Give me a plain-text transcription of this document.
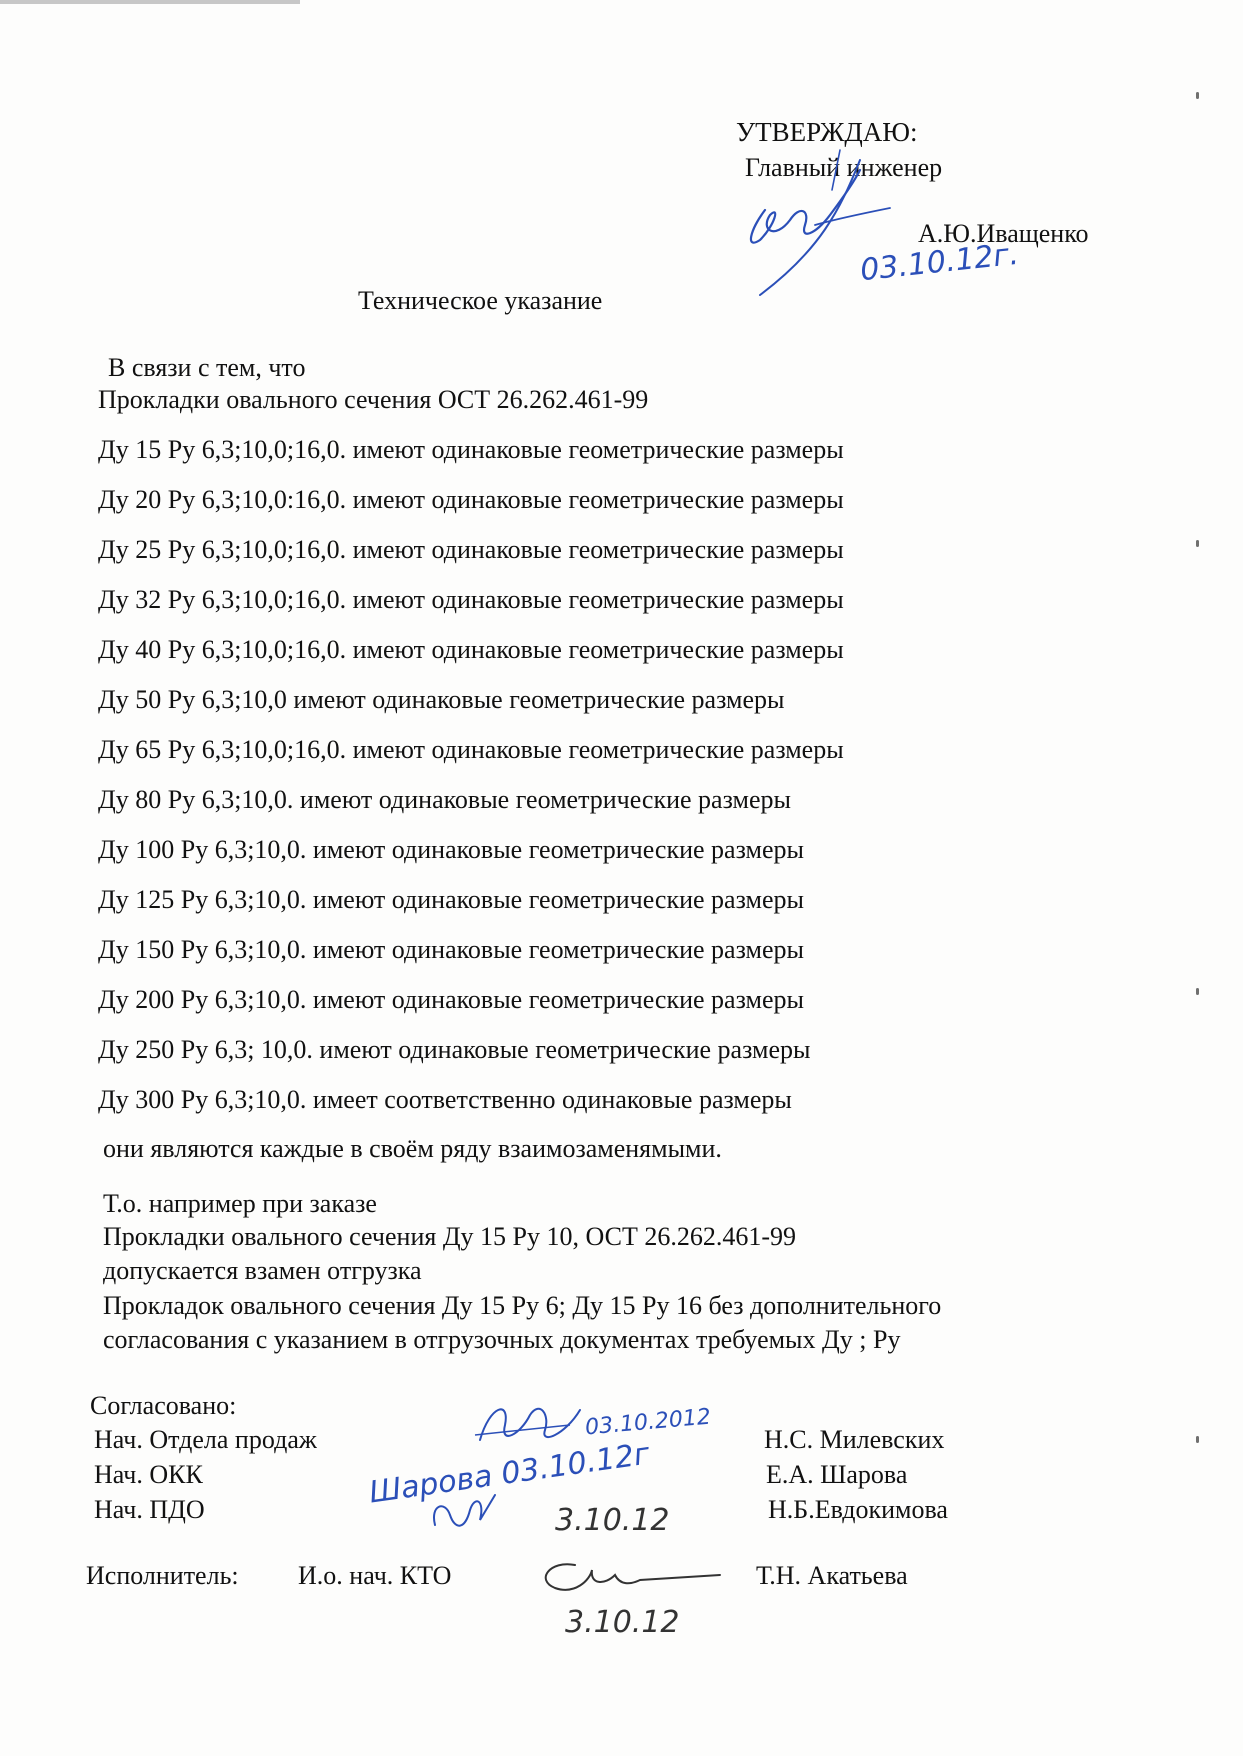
УТВЕРЖДАЮ:
Главный инженер
А.Ю.Иващенко
03.10.12г.
Техническое указание
В связи с тем, что
Прокладки овального сечения ОСТ 26.262.461-99
Ду 15 Ру 6,3;10,0;16,0. имеют одинаковые геометрические размеры
Ду 20 Ру 6,3;10,0:16,0. имеют одинаковые геометрические размеры
Ду 25 Ру 6,3;10,0;16,0. имеют одинаковые геометрические размеры
Ду 32 Ру 6,3;10,0;16,0. имеют одинаковые геометрические размеры
Ду 40 Ру 6,3;10,0;16,0. имеют одинаковые геометрические размеры
Ду 50 Ру 6,3;10,0 имеют одинаковые геометрические размеры
Ду 65 Ру 6,3;10,0;16,0. имеют одинаковые геометрические размеры
Ду 80 Ру 6,3;10,0. имеют одинаковые геометрические размеры
Ду 100 Ру 6,3;10,0. имеют одинаковые геометрические размеры
Ду 125 Ру 6,3;10,0. имеют одинаковые геометрические размеры
Ду 150 Ру 6,3;10,0. имеют одинаковые геометрические размеры
Ду 200 Ру 6,3;10,0. имеют одинаковые геометрические размеры
Ду 250 Ру 6,3; 10,0. имеют одинаковые геометрические размеры
Ду 300 Ру 6,3;10,0. имеет соответственно одинаковые размеры
они являются каждые в своём ряду взаимозаменямыми.
Т.о. например при заказе
Прокладки овального сечения Ду 15 Ру 10, ОСТ 26.262.461-99
допускается взамен отгрузка
Прокладок овального сечения Ду 15 Ру 6; Ду 15 Ру 16 без дополнительного
согласования с указанием в отгрузочных документах требуемых Ду ; Ру
Согласовано:
Нач. Отдела продаж	Н.С. Милевских
Нач. ОКК	Е.А. Шарова
Нач. ПДО	Н.Б.Евдокимова
03.10.2012
Шарова 03.10.12г
3.10.12
Исполнитель: И.о. нач. КТО	Т.Н. Акатьева
3.10.12
